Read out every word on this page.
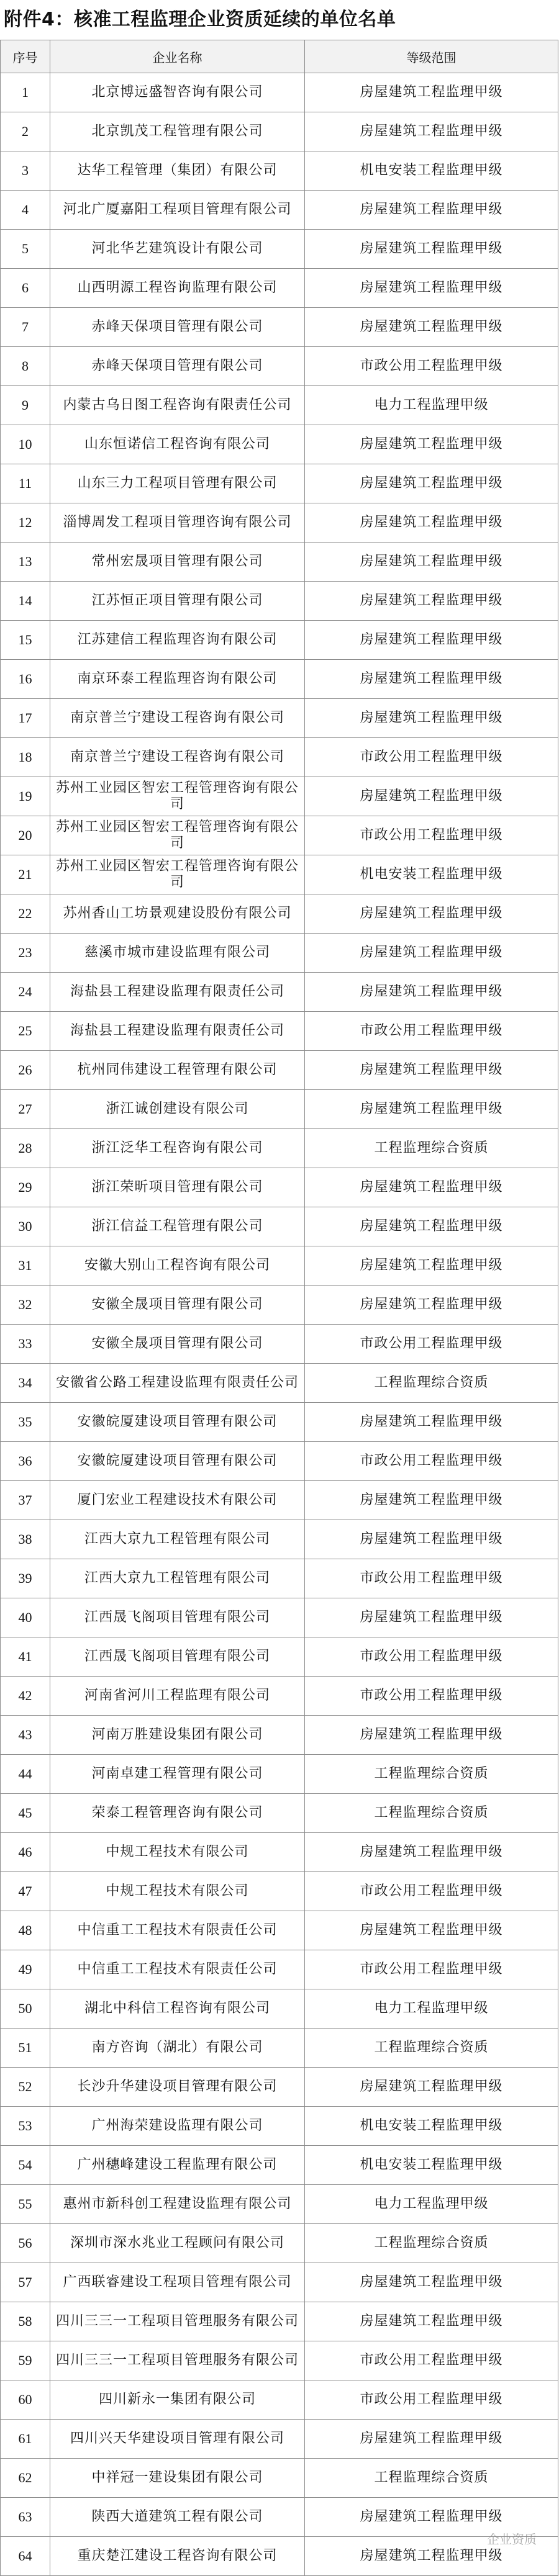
附件4：核准工程监理企业资质延续的单位名单
序号	企业名称	等级范围
1	北京博远盛智咨询有限公司	房屋建筑工程监理甲级
2	北京凯茂工程管理有限公司	房屋建筑工程监理甲级
3	达华工程管理（集团）有限公司	机电安装工程监理甲级
4	河北广厦嘉阳工程项目管理有限公司	房屋建筑工程监理甲级
5	河北华艺建筑设计有限公司	房屋建筑工程监理甲级
6	山西明源工程咨询监理有限公司	房屋建筑工程监理甲级
7	赤峰天保项目管理有限公司	房屋建筑工程监理甲级
8	赤峰天保项目管理有限公司	市政公用工程监理甲级
9	内蒙古乌日图工程咨询有限责任公司	电力工程监理甲级
10	山东恒诺信工程咨询有限公司	房屋建筑工程监理甲级
11	山东三力工程项目管理有限公司	房屋建筑工程监理甲级
12	淄博周发工程项目管理咨询有限公司	房屋建筑工程监理甲级
13	常州宏晟项目管理有限公司	房屋建筑工程监理甲级
14	江苏恒正项目管理有限公司	房屋建筑工程监理甲级
15	江苏建信工程监理咨询有限公司	房屋建筑工程监理甲级
16	南京环泰工程监理咨询有限公司	房屋建筑工程监理甲级
17	南京普兰宁建设工程咨询有限公司	房屋建筑工程监理甲级
18	南京普兰宁建设工程咨询有限公司	市政公用工程监理甲级
19	苏州工业园区智宏工程管理咨询有限公司	房屋建筑工程监理甲级
20	苏州工业园区智宏工程管理咨询有限公司	市政公用工程监理甲级
21	苏州工业园区智宏工程管理咨询有限公司	机电安装工程监理甲级
22	苏州香山工坊景观建设股份有限公司	房屋建筑工程监理甲级
23	慈溪市城市建设监理有限公司	房屋建筑工程监理甲级
24	海盐县工程建设监理有限责任公司	房屋建筑工程监理甲级
25	海盐县工程建设监理有限责任公司	市政公用工程监理甲级
26	杭州同伟建设工程管理有限公司	房屋建筑工程监理甲级
27	浙江诚创建设有限公司	房屋建筑工程监理甲级
28	浙江泛华工程咨询有限公司	工程监理综合资质
29	浙江荣昕项目管理有限公司	房屋建筑工程监理甲级
30	浙江信益工程管理有限公司	房屋建筑工程监理甲级
31	安徽大别山工程咨询有限公司	房屋建筑工程监理甲级
32	安徽全晟项目管理有限公司	房屋建筑工程监理甲级
33	安徽全晟项目管理有限公司	市政公用工程监理甲级
34	安徽省公路工程建设监理有限责任公司	工程监理综合资质
35	安徽皖厦建设项目管理有限公司	房屋建筑工程监理甲级
36	安徽皖厦建设项目管理有限公司	市政公用工程监理甲级
37	厦门宏业工程建设技术有限公司	房屋建筑工程监理甲级
38	江西大京九工程管理有限公司	房屋建筑工程监理甲级
39	江西大京九工程管理有限公司	市政公用工程监理甲级
40	江西晟飞阁项目管理有限公司	房屋建筑工程监理甲级
41	江西晟飞阁项目管理有限公司	市政公用工程监理甲级
42	河南省河川工程监理有限公司	市政公用工程监理甲级
43	河南万胜建设集团有限公司	房屋建筑工程监理甲级
44	河南卓建工程管理有限公司	工程监理综合资质
45	荣泰工程管理咨询有限公司	工程监理综合资质
46	中规工程技术有限公司	房屋建筑工程监理甲级
47	中规工程技术有限公司	市政公用工程监理甲级
48	中信重工工程技术有限责任公司	房屋建筑工程监理甲级
49	中信重工工程技术有限责任公司	市政公用工程监理甲级
50	湖北中科信工程咨询有限公司	电力工程监理甲级
51	南方咨询（湖北）有限公司	工程监理综合资质
52	长沙升华建设项目管理有限公司	房屋建筑工程监理甲级
53	广州海荣建设监理有限公司	机电安装工程监理甲级
54	广州穗峰建设工程监理有限公司	机电安装工程监理甲级
55	惠州市新科创工程建设监理有限公司	电力工程监理甲级
56	深圳市深水兆业工程顾问有限公司	工程监理综合资质
57	广西联睿建设工程项目管理有限公司	房屋建筑工程监理甲级
58	四川三三一工程项目管理服务有限公司	房屋建筑工程监理甲级
59	四川三三一工程项目管理服务有限公司	市政公用工程监理甲级
60	四川新永一集团有限公司	市政公用工程监理甲级
61	四川兴天华建设项目管理有限公司	房屋建筑工程监理甲级
62	中祥冠一建设集团有限公司	工程监理综合资质
63	陕西大道建筑工程有限公司	房屋建筑工程监理甲级
64	重庆楚江建设工程咨询有限公司	房屋建筑工程监理甲级
企业资质
